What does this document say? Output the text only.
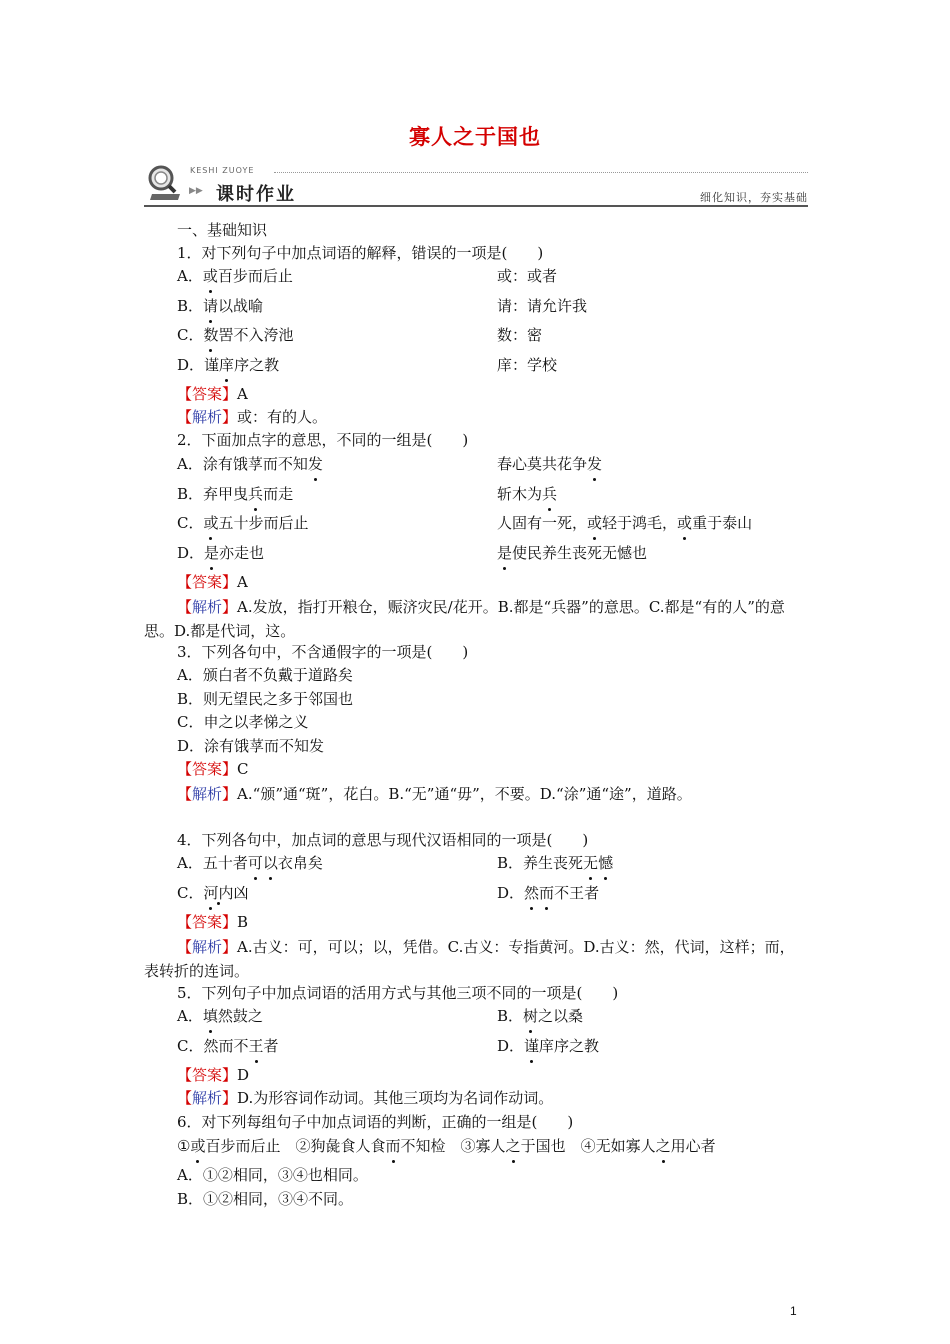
寡人之于国也
KESHI ZUOYE
▶▶ 课时作业	细化知识，夯实基础
一、基础知识
1．对下列句子中加点词语的解释，错误的一项是(　　)
A．或百步而后止	或：或者
B．请以战喻	请：请允许我
C．数罟不入洿池	数：密
D．谨庠序之教	庠：学校
【答案】A
【解析】或：有的人。
2．下面加点字的意思，不同的一组是(　　)
A．涂有饿莩而不知发	春心莫共花争发
B．弃甲曳兵而走	斩木为兵
C．或五十步而后止	人固有一死，或轻于鸿毛，或重于泰山
D．是亦走也	是使民养生丧死无憾也
【答案】A
【解析】A.发放，指打开粮仓，赈济灾民/花开。B.都是“兵器”的意思。C.都是“有的人”的意思。D.都是代词，这。
3．下列各句中，不含通假字的一项是(　　)
A．颁白者不负戴于道路矣
B．则无望民之多于邻国也
C．申之以孝悌之义
D．涂有饿莩而不知发
【答案】C
【解析】A.“颁”通“斑”，花白。B.“无”通“毋”，不要。D.“涂”通“途”，道路。
4．下列各句中，加点词的意思与现代汉语相同的一项是(　　)
A．五十者可以衣帛矣	B．养生丧死无憾
C．河内凶	D．然而不王者
【答案】B
【解析】A.古义：可，可以；以，凭借。C.古义：专指黄河。D.古义：然，代词，这样；而，表转折的连词。
5．下列句子中加点词语的活用方式与其他三项不同的一项是(　　)
A．填然鼓之	B．树之以桑
C．然而不王者	D．谨庠序之教
【答案】D
【解析】D.为形容词作动词。其他三项均为名词作动词。
6．对下列每组句子中加点词语的判断，正确的一组是(　　)
①或百步而后止　②狗彘食人食而不知检　③寡人之于国也　④无如寡人之用心者
A．①②相同，③④也相同。
B．①②相同，③④不同。
1
